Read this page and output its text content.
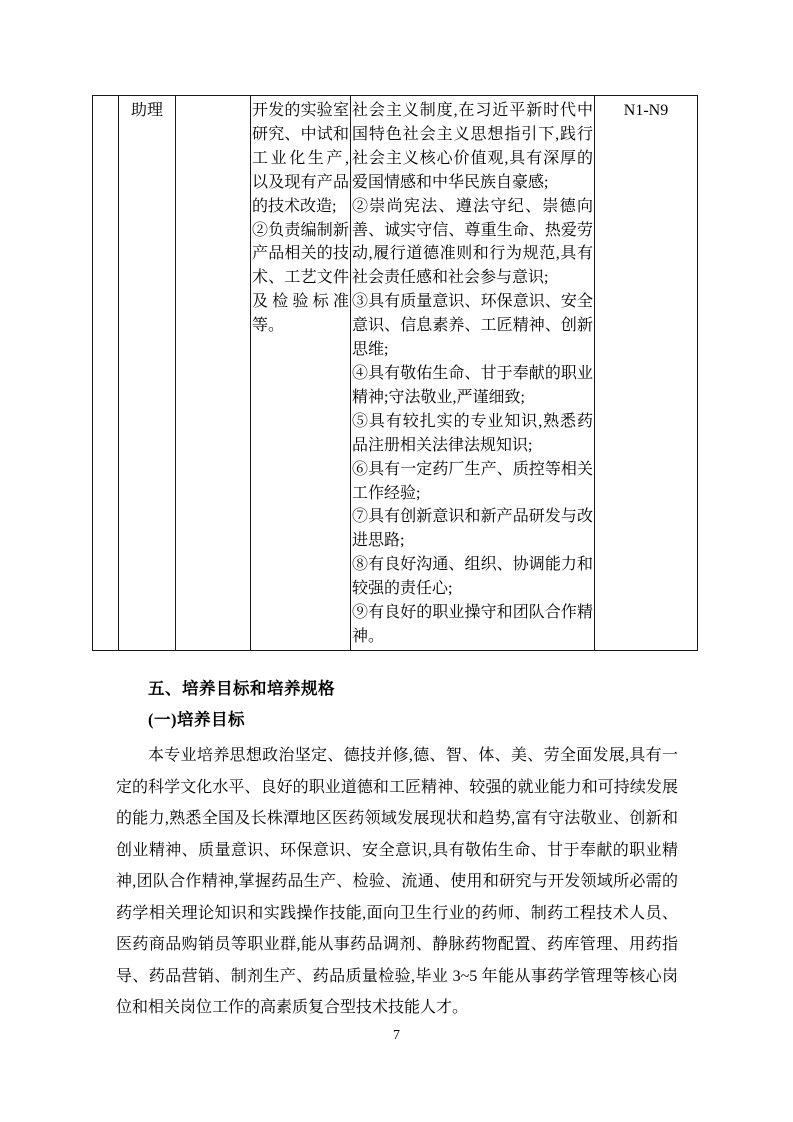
助理	开发的实验室研究、中试和工业化生产,以及现有产品的技术改造;
②负责编制新产品相关的技术、工艺文件及检验标准等。
社会主义制度,在习近平新时代中国特色社会主义思想指引下,践行社会主义核心价值观,具有深厚的爱国情感和中华民族自豪感;
②崇尚宪法、遵法守纪、崇德向善、诚实守信、尊重生命、热爱劳动,履行道德准则和行为规范,具有社会责任感和社会参与意识;
③具有质量意识、环保意识、安全意识、信息素养、工匠精神、创新思维;
④具有敬佑生命、甘于奉献的职业精神;守法敬业,严谨细致;
⑤具有较扎实的专业知识,熟悉药品注册相关法律法规知识;
⑥具有一定药厂生产、质控等相关工作经验;
⑦具有创新意识和新产品研发与改进思路;
⑧有良好沟通、组织、协调能力和较强的责任心;
⑨有良好的职业操守和团队合作精神。
N1-N9
五、培养目标和培养规格
(一)培养目标
本专业培养思想政治坚定、德技并修,德、智、体、美、劳全面发展,具有一定的科学文化水平、良好的职业道德和工匠精神、较强的就业能力和可持续发展的能力,熟悉全国及长株潭地区医药领域发展现状和趋势,富有守法敬业、创新和创业精神、质量意识、环保意识、安全意识,具有敬佑生命、甘于奉献的职业精神,团队合作精神,掌握药品生产、检验、流通、使用和研究与开发领域所必需的药学相关理论知识和实践操作技能,面向卫生行业的药师、制药工程技术人员、医药商品购销员等职业群,能从事药品调剂、静脉药物配置、药库管理、用药指导、药品营销、制剂生产、药品质量检验,毕业 3~5 年能从事药学管理等核心岗位和相关岗位工作的高素质复合型技术技能人才。
7
